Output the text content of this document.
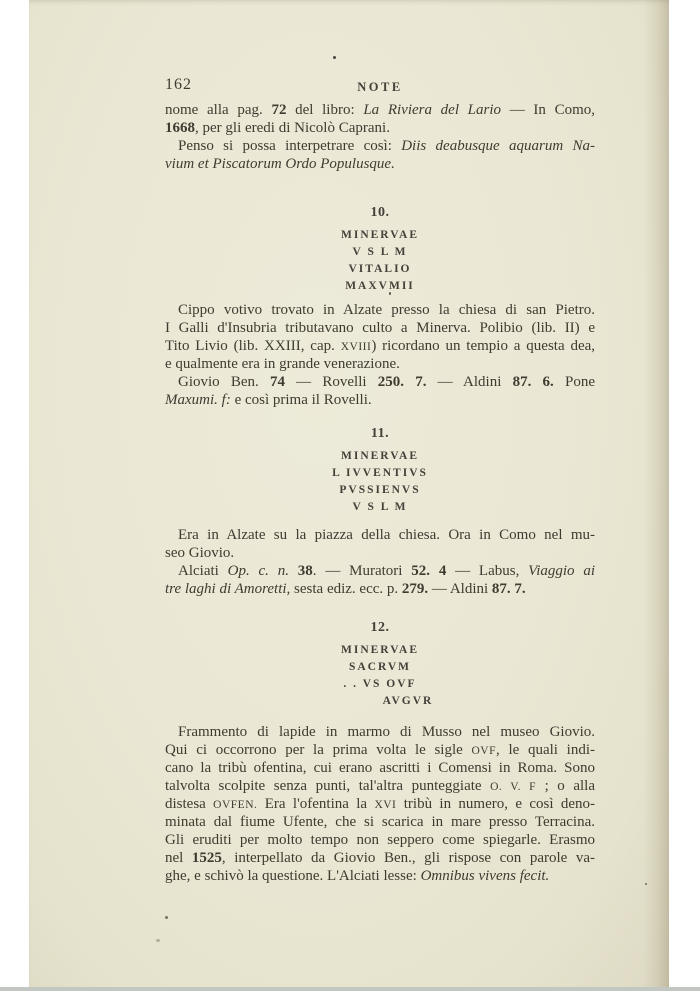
162	NOTE
nome alla pag. 72 del libro: La Riviera del Lario — In Como,
1668, per gli eredi di Nicolò Caprani.
Penso si possa interpetrare così: Diis deabusque aquarum Na-
vium et Piscatorum Ordo Populusque.
10.
MINERVAE
V S L M
VITALIO
MAXVMII
Cippo votivo trovato in Alzate presso la chiesa di san Pietro.
I Galli d'Insubria tributavano culto a Minerva. Polibio (lib. II) e
Tito Livio (lib. XXIII, cap. XVIII) ricordano un tempio a questa dea,
e qualmente era in grande venerazione.
Giovio Ben. 74 — Rovelli 250. 7. — Aldini 87. 6. Pone
Maxumi. f: e così prima il Rovelli.
11.
MINERVAE
L IVVENTIVS
PVSSIENVS
V S L M
Era in Alzate su la piazza della chiesa. Ora in Como nel mu-
seo Giovio.
Alciati Op. c. n. 38. — Muratori 52. 4 — Labus, Viaggio ai
tre laghi di Amoretti, sesta ediz. ecc. p. 279. — Aldini 87. 7.
12.
MINERVAE
SACRVM
. . VS OVF
AVGVR
Frammento di lapide in marmo di Musso nel museo Giovio.
Qui ci occorrono per la prima volta le sigle OVF, le quali indi-
cano la tribù ofentina, cui erano ascritti i Comensi in Roma. Sono
talvolta scolpite senza punti, tal'altra punteggiate O. V. F ; o alla
distesa OVFEN. Era l'ofentina la XVI tribù in numero, e così deno-
minata dal fiume Ufente, che si scarica in mare presso Terracina.
Gli eruditi per molto tempo non seppero come spiegarle. Erasmo
nel 1525, interpellato da Giovio Ben., gli rispose con parole va-
ghe, e schivò la questione. L'Alciati lesse: Omnibus vivens fecit.
